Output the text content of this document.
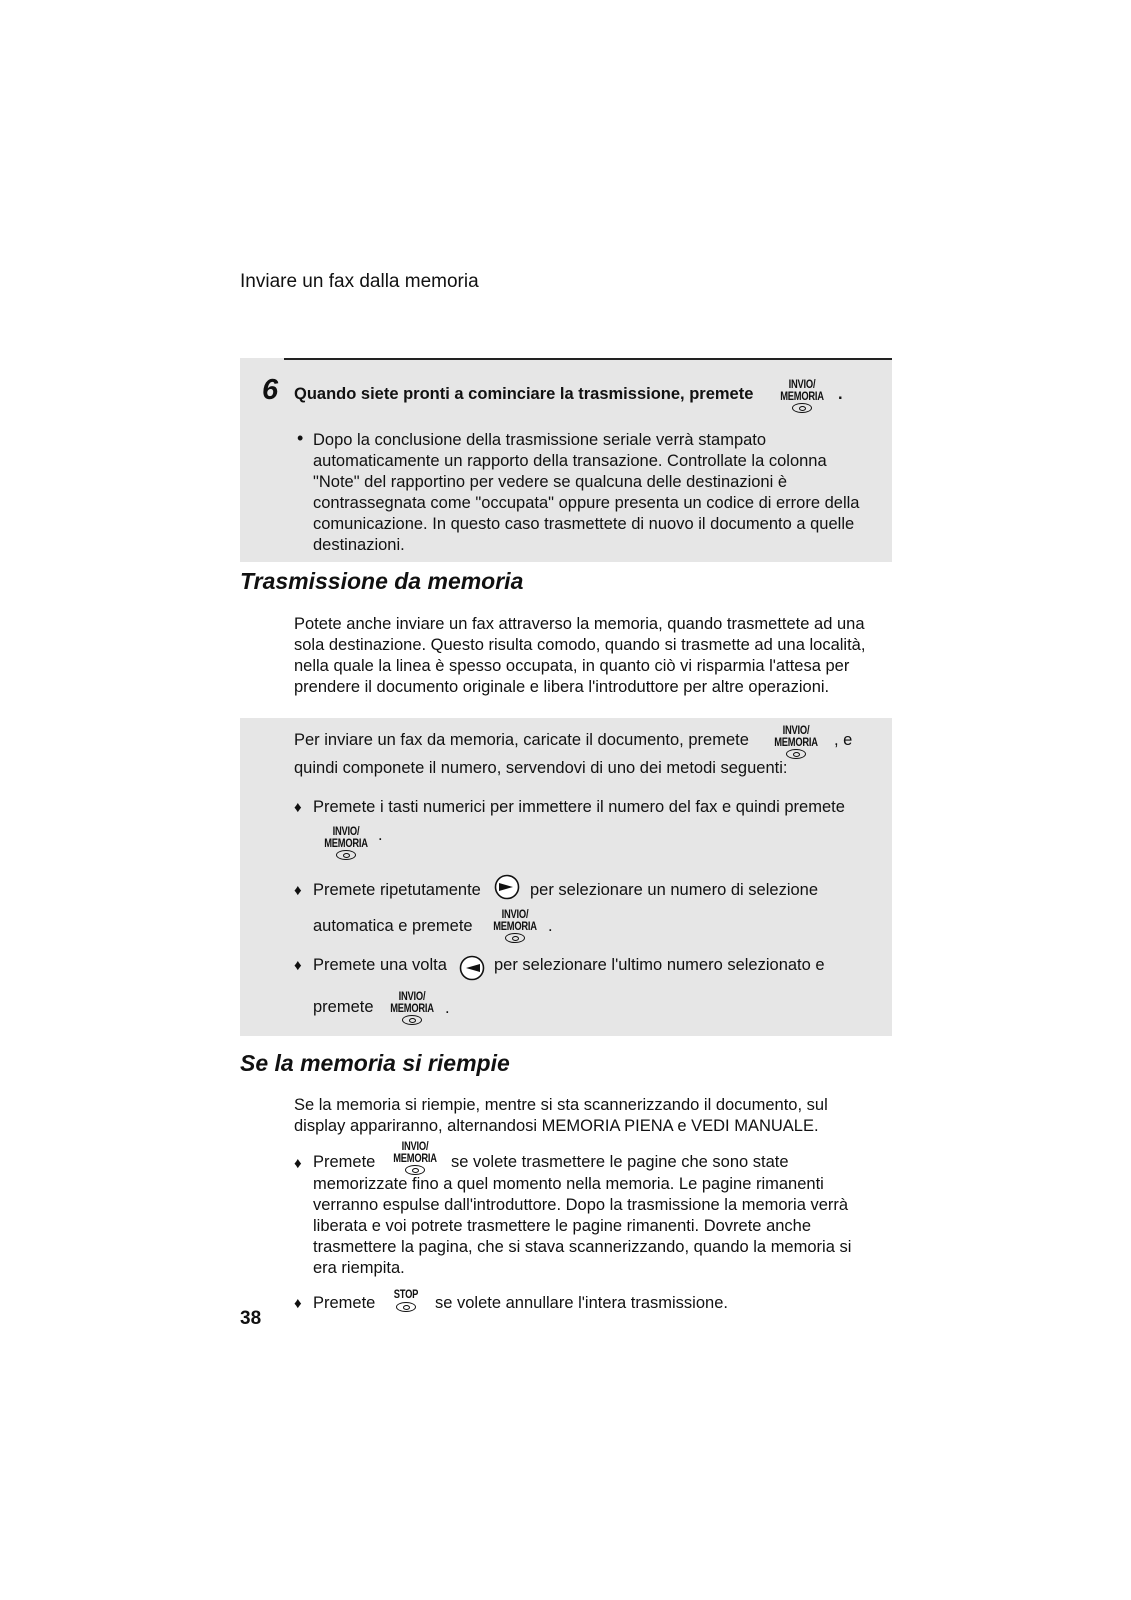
Inviare un fax dalla memoria
6 Quando siete pronti a cominciare la trasmissione, premete
INVIO/
MEMORIA .
• Dopo la conclusione della trasmissione seriale verrà stampato
automaticamente un rapporto della transazione. Controllate la colonna
"Note" del rapportino per vedere se qualcuna delle destinazioni è
contrassegnata come "occupata" oppure presenta un codice di errore della
comunicazione. In questo caso trasmettete di nuovo il documento a quelle
destinazioni.
Trasmissione da memoria
Potete anche inviare un fax attraverso la memoria, quando trasmettete ad una
sola destinazione. Questo risulta comodo, quando si trasmette ad una località,
nella quale la linea è spesso occupata, in quanto ciò vi risparmia l'attesa per
prendere il documento originale e libera l'introduttore per altre operazioni.
Per inviare un fax da memoria, caricate il documento, premete
INVIO/
MEMORIA , e
quindi componete il numero, servendovi di uno dei metodi seguenti:
♦ Premete i tasti numerici per immettere il numero del fax e quindi premete
INVIO/
MEMORIA .
♦ Premete ripetutamente	per selezionare un numero di selezione
automatica e premete
INVIO/
MEMORIA .
♦ Premete una volta	per selezionare l'ultimo numero selezionato e
premete
INVIO/
MEMORIA .
Se la memoria si riempie
Se la memoria si riempie, mentre si sta scannerizzando il documento, sul
display appariranno, alternandosi MEMORIA PIENA e VEDI MANUALE.
♦ Premete
INVIO/
MEMORIA se volete trasmettere le pagine che sono state
memorizzate fino a quel momento nella memoria. Le pagine rimanenti
verranno espulse dall'introduttore. Dopo la trasmissione la memoria verrà
liberata e voi potrete trasmettere le pagine rimanenti. Dovrete anche
trasmettere la pagina, che si stava scannerizzando, quando la memoria si
era riempita.
♦ Premete	STOP	se volete annullare l'intera trasmissione.
38
